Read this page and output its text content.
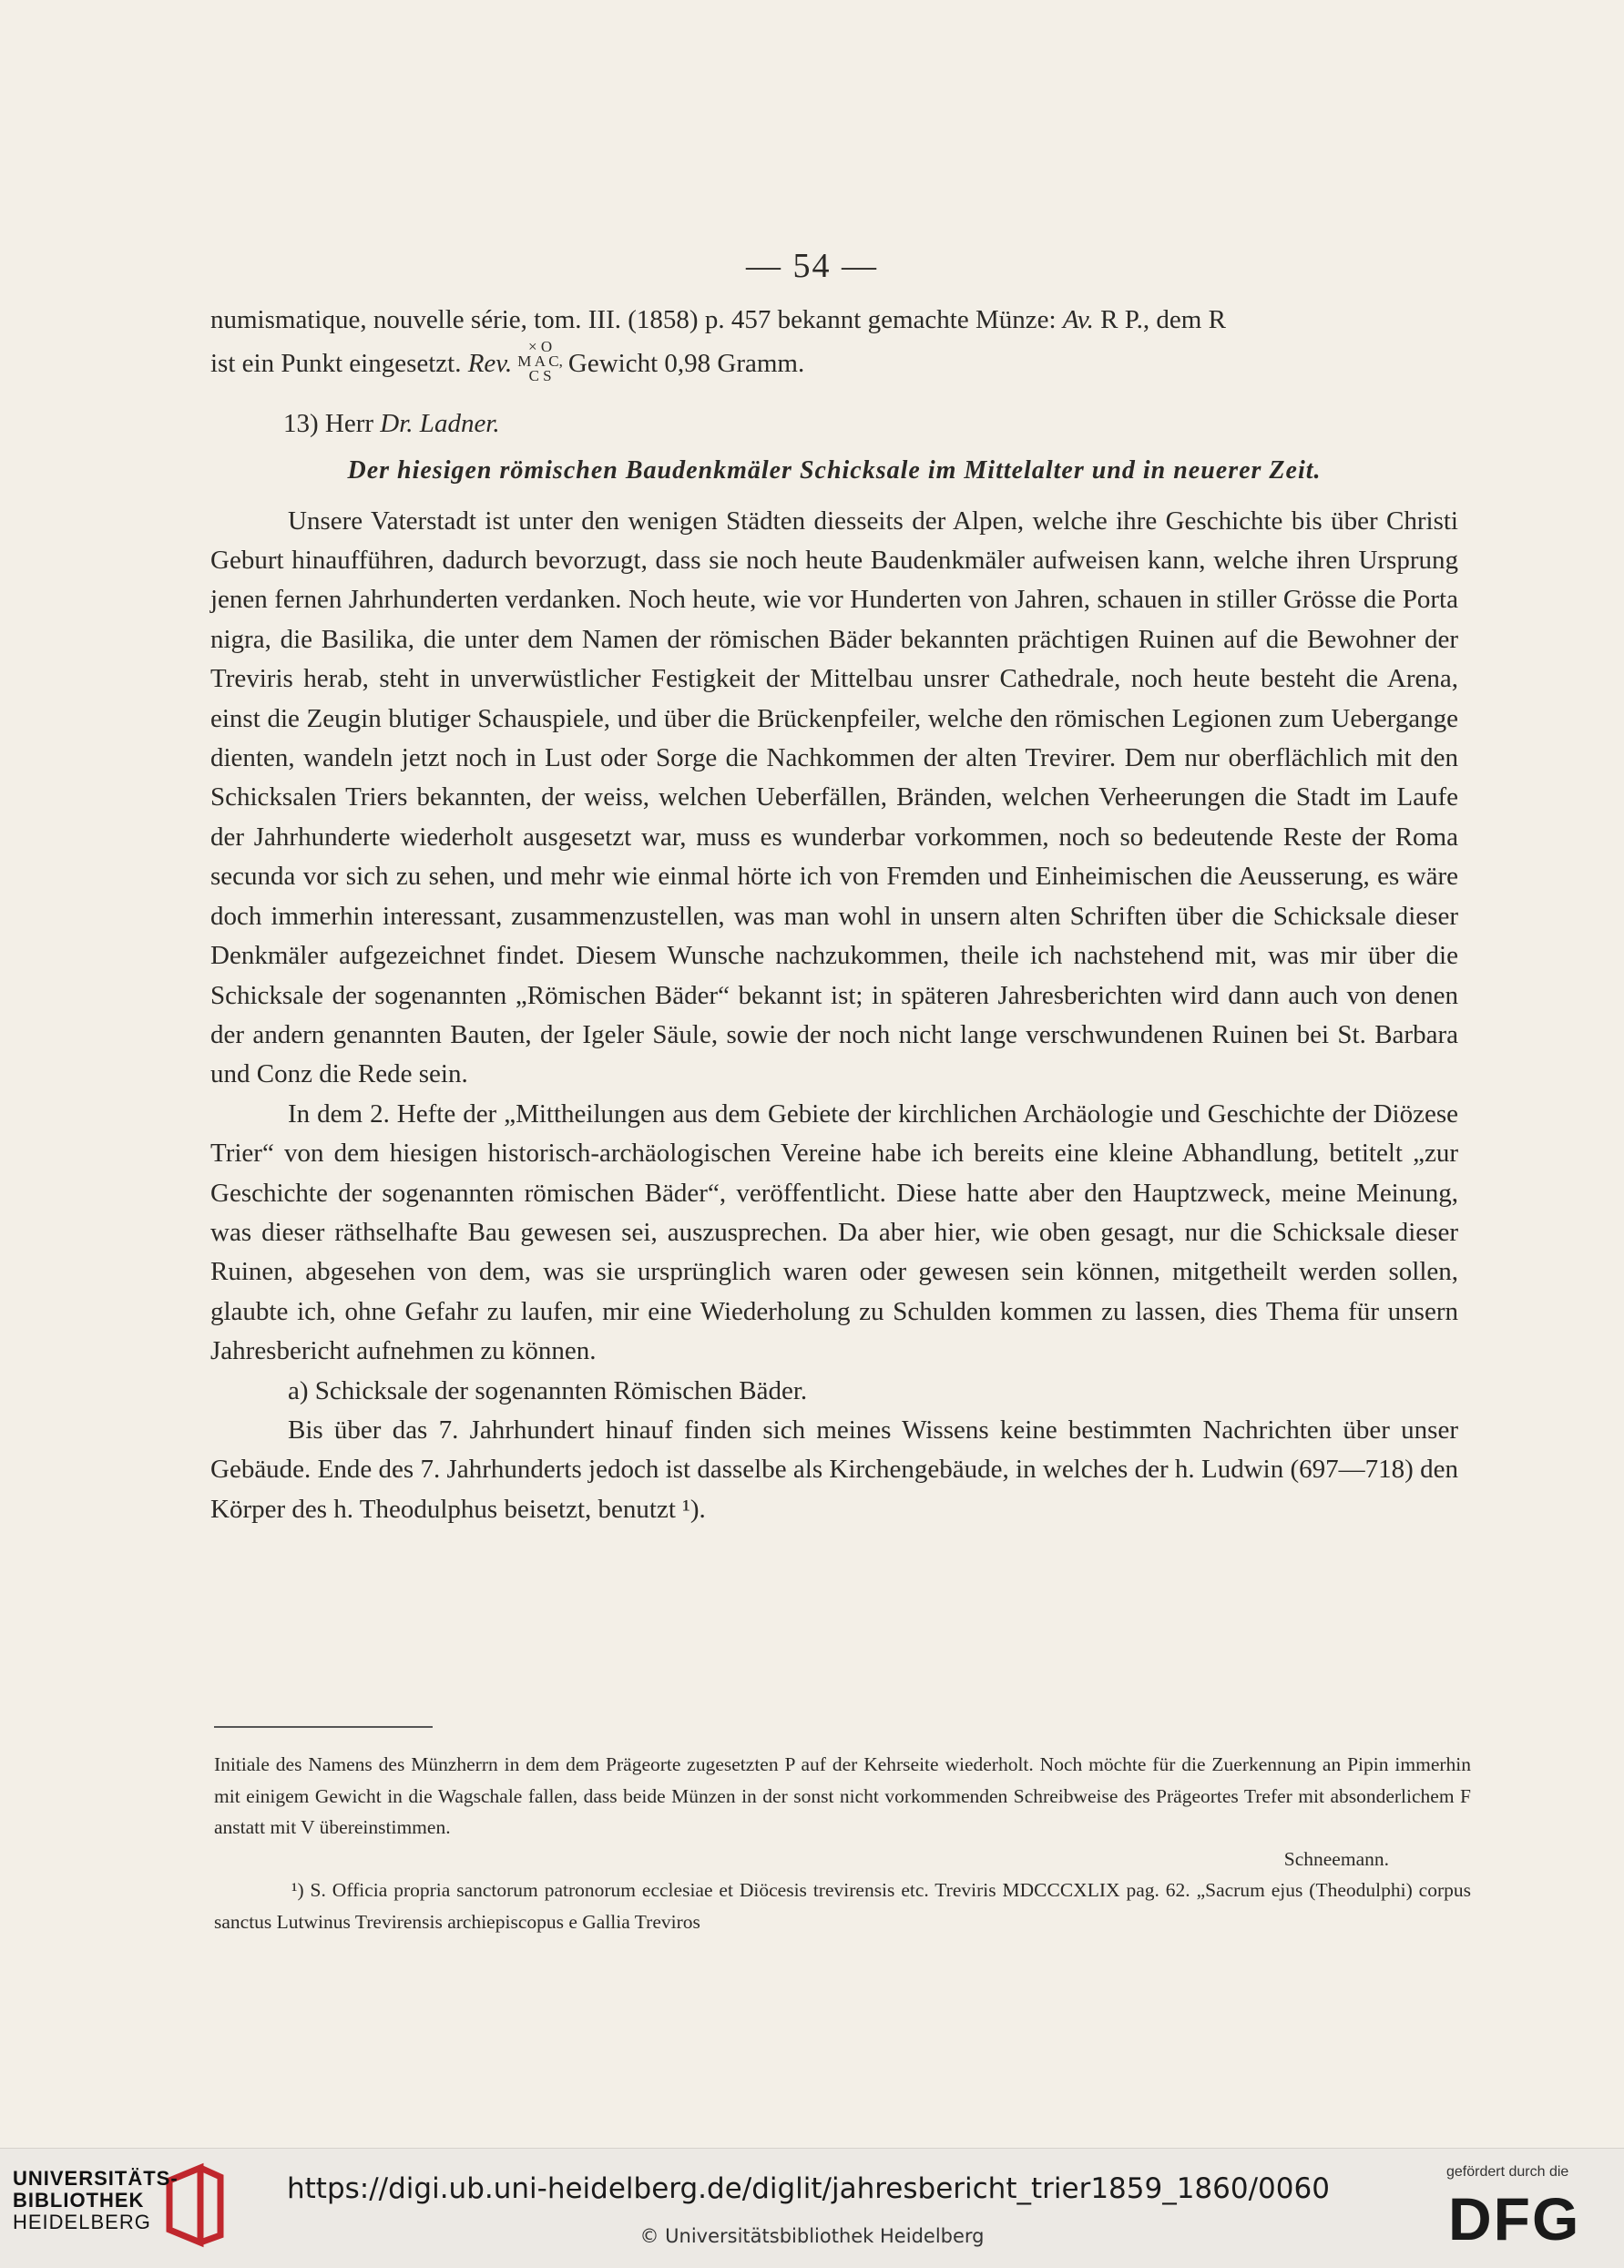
— 54 —

numismatique, nouvelle série, tom. III. (1858) p. 457 bekannt gemachte Münze: Av. R P., dem R

ist ein Punkt eingesetzt. Rev.
× O
M A C,
C S Gewicht 0,98 Gramm.

13) Herr Dr. Ladner.

Der hiesigen römischen Baudenkmäler Schicksale im Mittelalter und in neuerer Zeit.

Unsere Vaterstadt ist unter den wenigen Städten diesseits der Alpen, welche ihre Geschichte bis über Christi Geburt hinaufführen, dadurch bevorzugt, dass sie noch heute Baudenkmäler aufweisen kann, welche ihren Ursprung jenen fernen Jahrhunderten verdanken. Noch heute, wie vor Hunderten von Jahren, schauen in stiller Grösse die Porta nigra, die Basilika, die unter dem Namen der römischen Bäder bekannten prächtigen Ruinen auf die Bewohner der Treviris herab, steht in unverwüstlicher Festigkeit der Mittelbau unsrer Cathedrale, noch heute besteht die Arena, einst die Zeugin blutiger Schauspiele, und über die Brückenpfeiler, welche den römischen Legionen zum Uebergange dienten, wandeln jetzt noch in Lust oder Sorge die Nachkommen der alten Trevirer. Dem nur oberflächlich mit den Schicksalen Triers bekannten, der weiss, welchen Ueberfällen, Bränden, welchen Verheerungen die Stadt im Laufe der Jahrhunderte wiederholt ausgesetzt war, muss es wunderbar vorkommen, noch so bedeutende Reste der Roma secunda vor sich zu sehen, und mehr wie einmal hörte ich von Fremden und Einheimischen die Aeusserung, es wäre doch immerhin interessant, zusammenzustellen, was man wohl in unsern alten Schriften über die Schicksale dieser Denkmäler aufgezeichnet findet. Diesem Wunsche nachzukommen, theile ich nachstehend mit, was mir über die Schicksale der sogenannten „Römischen Bäder“ bekannt ist; in späteren Jahresberichten wird dann auch von denen der andern genannten Bauten, der Igeler Säule, sowie der noch nicht lange verschwundenen Ruinen bei St. Barbara und Conz die Rede sein.

In dem 2. Hefte der „Mittheilungen aus dem Gebiete der kirchlichen Archäologie und Geschichte der Diözese Trier“ von dem hiesigen historisch-archäologischen Vereine habe ich bereits eine kleine Abhandlung, betitelt „zur Geschichte der sogenannten römischen Bäder“, veröffentlicht. Diese hatte aber den Hauptzweck, meine Meinung, was dieser räthselhafte Bau gewesen sei, auszusprechen. Da aber hier, wie oben gesagt, nur die Schicksale dieser Ruinen, abgesehen von dem, was sie ursprünglich waren oder gewesen sein können, mitgetheilt werden sollen, glaubte ich, ohne Gefahr zu laufen, mir eine Wiederholung zu Schulden kommen zu lassen, dies Thema für unsern Jahresbericht aufnehmen zu können.

a) Schicksale der sogenannten Römischen Bäder.

Bis über das 7. Jahrhundert hinauf finden sich meines Wissens keine bestimmten Nachrichten über unser Gebäude. Ende des 7. Jahrhunderts jedoch ist dasselbe als Kirchengebäude, in welches der h. Ludwin (697—718) den Körper des h. Theodulphus beisetzt, benutzt ¹).

Initiale des Namens des Münzherrn in dem dem Prägeorte zugesetzten P auf der Kehrseite wiederholt. Noch möchte für die Zuerkennung an Pipin immerhin mit einigem Gewicht in die Wagschale fallen, dass beide Münzen in der sonst nicht vorkommenden Schreibweise des Prägeortes Trefer mit absonderlichem F anstatt mit V übereinstimmen.

Schneemann.

¹) S. Officia propria sanctorum patronorum ecclesiae et Diöcesis trevirensis etc. Treviris MDCCCXLIX pag. 62. „Sacrum ejus (Theodulphi) corpus sanctus Lutwinus Trevirensis archiepiscopus e Gallia Treviros

UNIVERSITÄTS-
BIBLIOTHEK
HEIDELBERG
https://digi.ub.uni-heidelberg.de/diglit/jahresbericht_trier1859_1860/0060
© Universitätsbibliothek Heidelberg
gefördert durch die
DFG
